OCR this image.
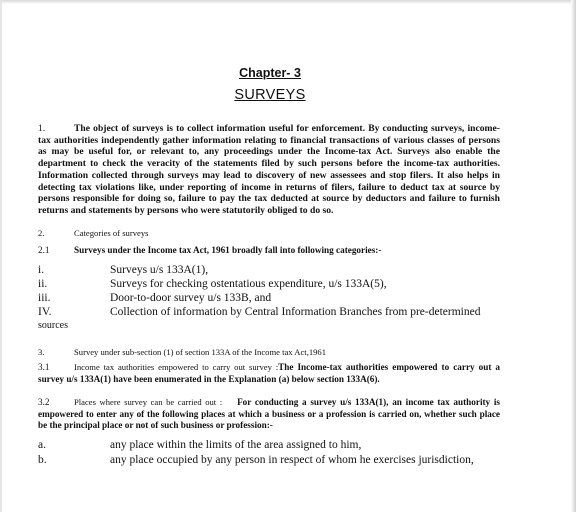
Chapter- 3
SURVEYS
1.	The object of surveys is to collect information useful for enforcement. By conducting surveys, income-tax authorities independently gather information relating to financial transactions of various classes of persons as may be useful for, or relevant to, any proceedings under the Income-tax Act. Surveys also enable the department to check the veracity of the statements filed by such persons before the income-tax authorities. Information collected through surveys may lead to discovery of new assessees and stop filers. It also helps in detecting tax violations like, under reporting of income in returns of filers, failure to deduct tax at source by persons responsible for doing so, failure to pay the tax deducted at source by deductors and failure to furnish returns and statements by persons who were statutorily obliged to do so.
2.	Categories of surveys
2.1	Surveys under the Income tax Act, 1961 broadly fall into following categories:-
i.	Surveys u/s 133A(1),
ii.	Surveys for checking ostentatious expenditure, u/s 133A(5),
iii.	Door-to-door survey u/s 133B, and
IV.	Collection of information by Central Information Branches from pre-determined
sources
3.	Survey under sub-section (1) of section 133A of the Income tax Act,1961
3.1	Income tax authorities empowered to carry out survey :The Income-tax authorities empowered to carry out a survey u/s 133A(1) have been enumerated in the Explanation (a) below section 133A(6).
3.2	Places where survey can be carried out : For conducting a survey u/s 133A(1), an income tax authority is empowered to enter any of the following places at which a business or a profession is carried on, whether such place be the principal place or not of such business or profession:-
a.	any place within the limits of the area assigned to him,
b.	any place occupied by any person in respect of whom he exercises jurisdiction,
